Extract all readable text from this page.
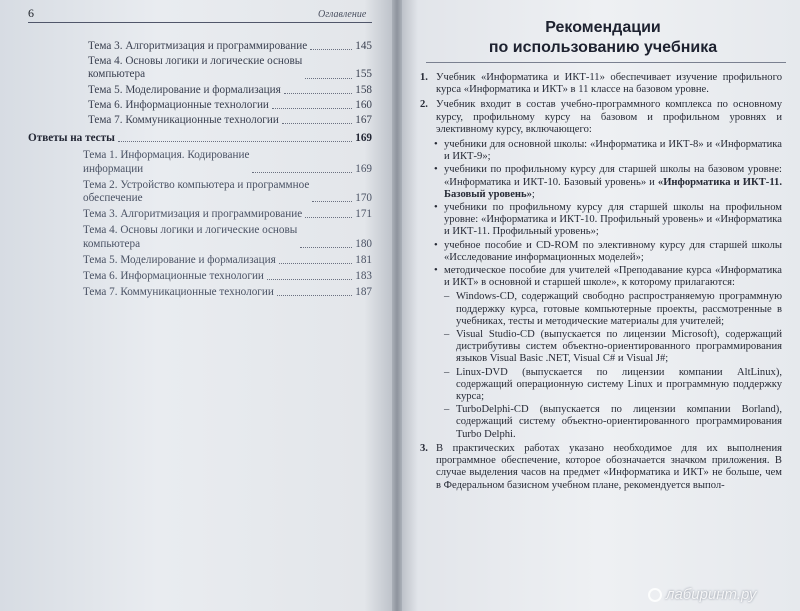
6	Оглавление
Тема 3. Алгоритмизация и программирование	145
Тема 4. Основы логики и логические основы
компьютера	155
Тема 5. Моделирование и формализация	158
Тема 6. Информационные технологии	160
Тема 7. Коммуникационные технологии	167
Ответы на тесты	169
Тема 1. Информация. Кодирование
информации	169
Тема 2. Устройство компьютера и программное
обеспечение	170
Тема 3. Алгоритмизация и программирование	171
Тема 4. Основы логики и логические основы
компьютера	180
Тема 5. Моделирование и формализация	181
Тема 6. Информационные технологии	183
Тема 7. Коммуникационные технологии	187
Рекомендации
по использованию учебника
1. Учебник «Информатика и ИКТ-11» обеспечивает изучение профильного курса «Информатика и ИКТ» в 11 классе на базовом уровне.
2. Учебник входит в состав учебно-программного комплекса по основному курсу, профильному курсу на базовом и профильном уровнях и элективному курсу, включающего:
• учебники для основной школы: «Информатика и ИКТ-8» и «Информатика и ИКТ-9»;
• учебники по профильному курсу для старшей школы на базовом уровне: «Информатика и ИКТ-10. Базовый уровень» и «Информатика и ИКТ-11. Базовый уровень»;
• учебники по профильному курсу для старшей школы на профильном уровне: «Информатика и ИКТ-10. Профильный уровень» и «Информатика и ИКТ-11. Профильный уровень»;
• учебное пособие и CD-ROM по элективному курсу для старшей школы «Исследование информационных моделей»;
• методическое пособие для учителей «Преподавание курса «Информатика и ИКТ» в основной и старшей школе», к которому прилагаются:
– Windows-CD, содержащий свободно распространяемую программную поддержку курса, готовые компьютерные проекты, рассмотренные в учебниках, тесты и методические материалы для учителей;
– Visual Studio-CD (выпускается по лицензии Microsoft), содержащий дистрибутивы систем объектно-ориентированного программирования языков Visual Basic .NET, Visual C# и Visual J#;
– Linux-DVD (выпускается по лицензии компании AltLinux), содержащий операционную систему Linux и программную поддержку курса;
– TurboDelphi-CD (выпускается по лицензии компании Borland), содержащий систему объектно-ориентированного программирования Turbo Delphi.
3. В практических работах указано необходимое для их выполнения программное обеспечение, которое обозначается значком приложения. В случае выделения часов на предмет «Информатика и ИКТ» не больше, чем в Федеральном базисном учебном плане, рекомендуется выпол-
лабиринт.ру
